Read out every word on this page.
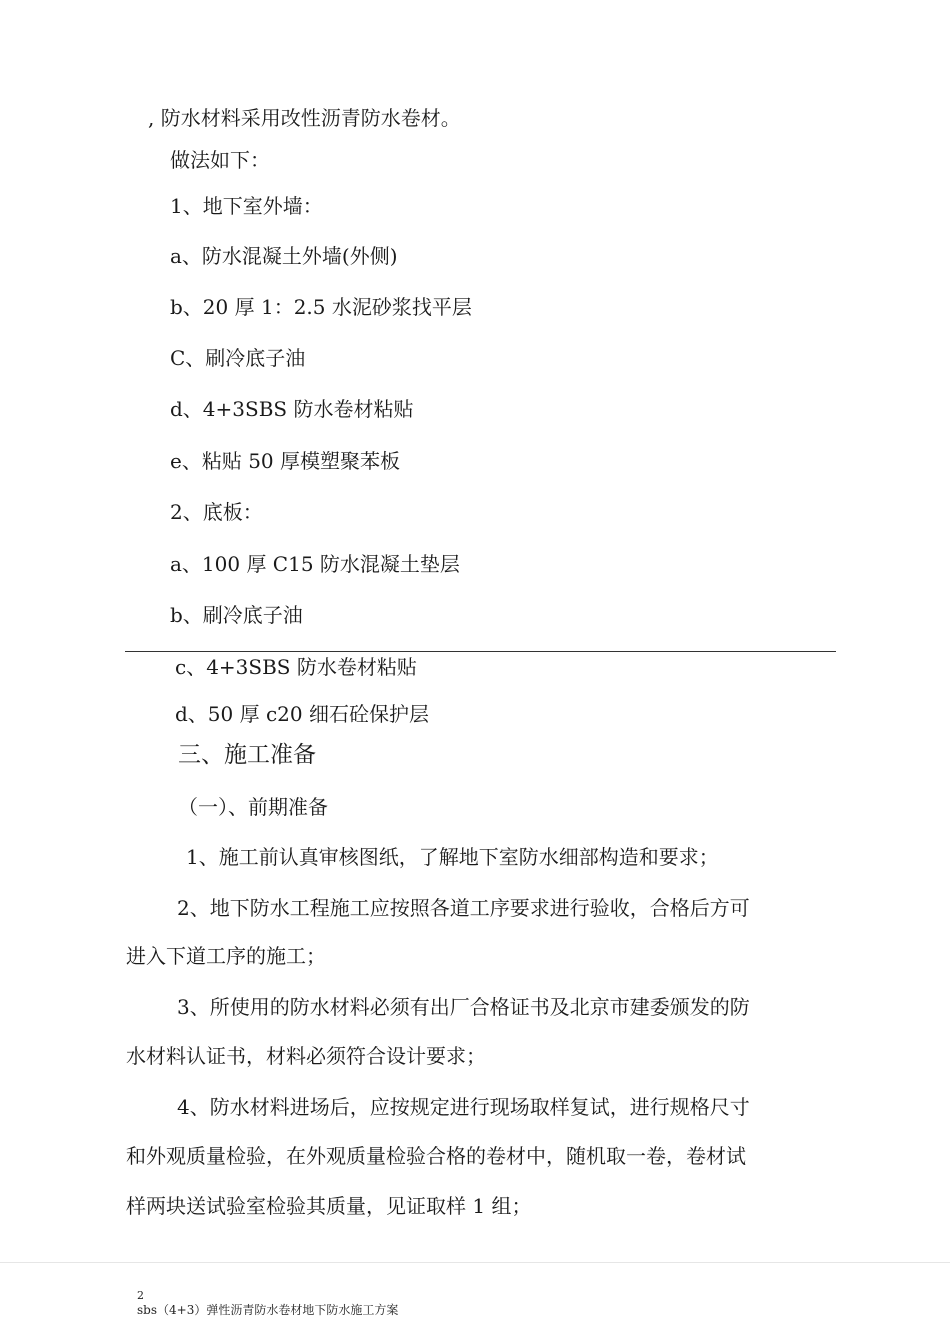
, 防水材料采用改性沥青防水卷材。
做法如下：
1、地下室外墙：
a、防水混凝土外墙(外侧)
b、20 厚 1：2.5 水泥砂浆找平层
C、刷冷底子油
d、4+3SBS 防水卷材粘贴
e、粘贴 50 厚模塑聚苯板
2、底板：
a、100 厚 C15 防水混凝土垫层
b、刷冷底子油
c、4+3SBS 防水卷材粘贴
d、50 厚 c20 细石砼保护层
三、施工准备
（一）、前期准备
1、施工前认真审核图纸，了解地下室防水细部构造和要求；
2、地下防水工程施工应按照各道工序要求进行验收，合格后方可
进入下道工序的施工；
3、所使用的防水材料必须有出厂合格证书及北京市建委颁发的防
水材料认证书，材料必须符合设计要求；
4、防水材料进场后，应按规定进行现场取样复试，进行规格尺寸
和外观质量检验，在外观质量检验合格的卷材中，随机取一卷，卷材试
样两块送试验室检验其质量，见证取样 1 组；
2
sbs（4+3）弹性沥青防水卷材地下防水施工方案
